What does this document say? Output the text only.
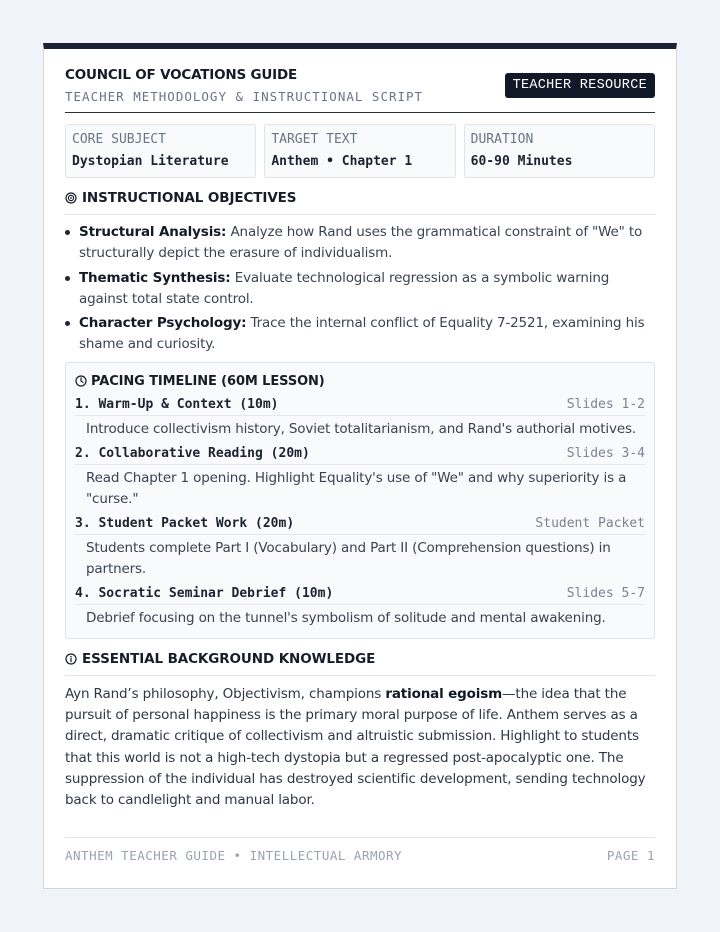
COUNCIL OF VOCATIONS GUIDE
TEACHER METHODOLOGY & INSTRUCTIONAL SCRIPT
TEACHER RESOURCE
CORE SUBJECT
Dystopian Literature
TARGET TEXT
Anthem • Chapter 1
DURATION
60-90 Minutes
INSTRUCTIONAL OBJECTIVES
Structural Analysis: Analyze how Rand uses the grammatical constraint of "We" to structurally depict the erasure of individualism.
Thematic Synthesis: Evaluate technological regression as a symbolic warning against total state control.
Character Psychology: Trace the internal conflict of Equality 7-2521, examining his shame and curiosity.
PACING TIMELINE (60M LESSON)
1. Warm-Up & Context (10m)	Slides 1-2
Introduce collectivism history, Soviet totalitarianism, and Rand's authorial motives.
2. Collaborative Reading (20m)	Slides 3-4
Read Chapter 1 opening. Highlight Equality's use of "We" and why superiority is a "curse."
3. Student Packet Work (20m)	Student Packet
Students complete Part I (Vocabulary) and Part II (Comprehension questions) in partners.
4. Socratic Seminar Debrief (10m)	Slides 5-7
Debrief focusing on the tunnel's symbolism of solitude and mental awakening.
ESSENTIAL BACKGROUND KNOWLEDGE

Ayn Rand’s philosophy, Objectivism, champions rational egoism—the idea that the pursuit of personal happiness is the primary moral purpose of life. Anthem serves as a direct, dramatic critique of collectivism and altruistic submission. Highlight to students that this world is not a high-tech dystopia but a regressed post-apocalyptic one. The suppression of the individual has destroyed scientific development, sending technology back to candlelight and manual labor.

ANTHEM TEACHER GUIDE • INTELLECTUAL ARMORY	PAGE 1
